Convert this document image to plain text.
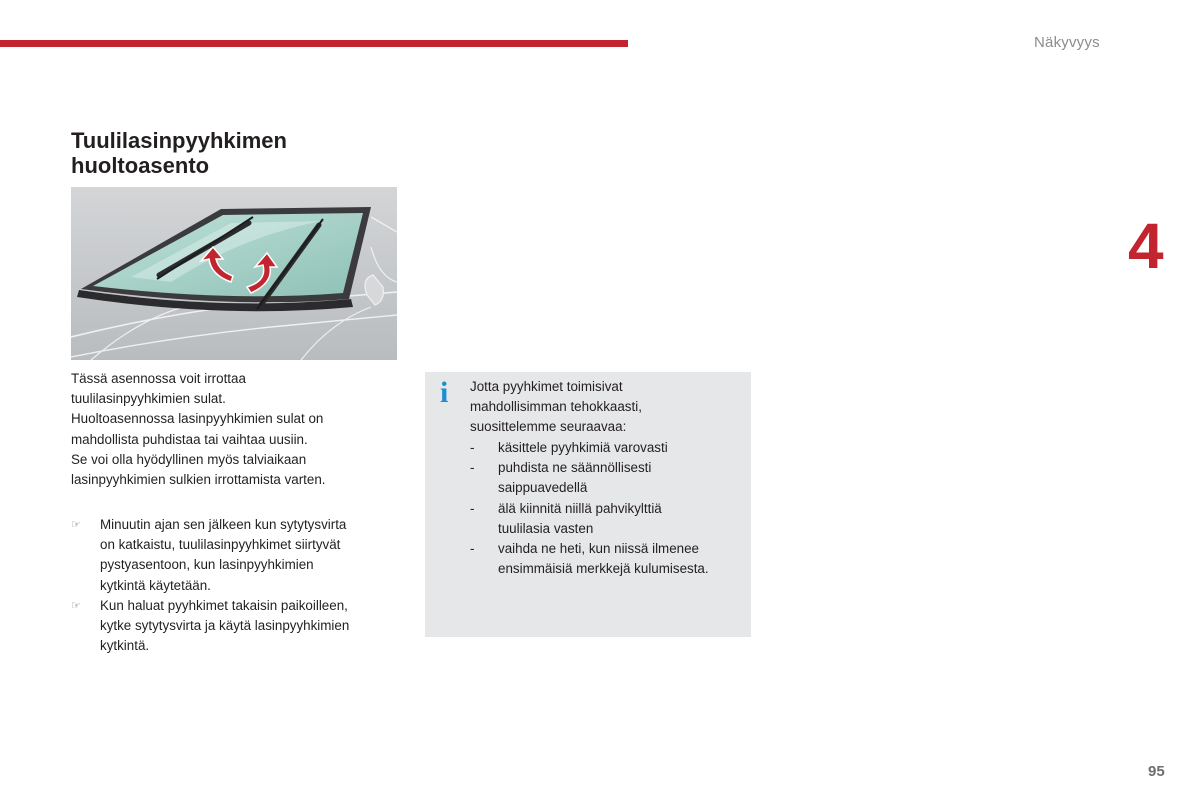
Näkyvyys
4
Tuulilasinpyyhkimen
huoltoasento
Tässä asennossa voit irrottaa
tuulilasinpyyhkimien sulat.
Huoltoasennossa lasinpyyhkimien sulat on
mahdollista puhdistaa tai vaihtaa uusiin.
Se voi olla hyödyllinen myös talviaikaan
lasinpyyhkimien sulkien irrottamista varten.
☞ Minuutin ajan sen jälkeen kun sytytysvirta
on katkaistu, tuulilasinpyyhkimet siirtyvät
pystyasentoon, kun lasinpyyhkimien
kytkintä käytetään.
☞ Kun haluat pyyhkimet takaisin paikoilleen,
kytke sytytysvirta ja käytä lasinpyyhkimien
kytkintä.
i Jotta pyyhkimet toimisivat
mahdollisimman tehokkaasti,
suosittelemme seuraavaa:
- käsittele pyyhkimiä varovasti
- puhdista ne säännöllisesti
saippuavedellä
- älä kiinnitä niillä pahvikylttiä
tuulilasia vasten
- vaihda ne heti, kun niissä ilmenee
ensimmäisiä merkkejä kulumisesta.
95
